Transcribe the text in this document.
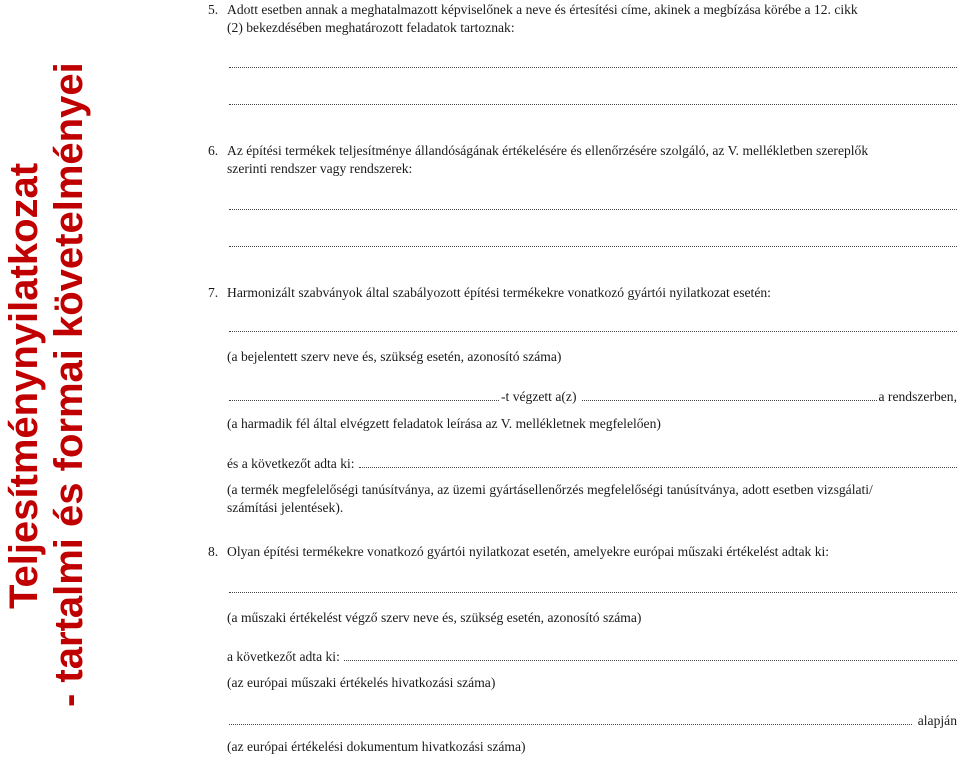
Teljesítménynyilatkozat - tartalmi és formai követelményei
5. Adott esetben annak a meghatalmazott képviselőnek a neve és értesítési címe, akinek a megbízása körébe a 12. cikk
(2) bekezdésében meghatározott feladatok tartoznak:
6. Az építési termékek teljesítménye állandóságának értékelésére és ellenőrzésére szolgáló, az V. mellékletben szereplők
szerinti rendszer vagy rendszerek:
7. Harmonizált szabványok által szabályozott építési termékekre vonatkozó gyártói nyilatkozat esetén:
(a bejelentett szerv neve és, szükség esetén, azonosító száma)
-t végzett a(z)	a rendszerben,
(a harmadik fél által elvégzett feladatok leírása az V. mellékletnek megfelelően)
és a következőt adta ki:
(a termék megfelelőségi tanúsítványa, az üzemi gyártásellenőrzés megfelelőségi tanúsítványa, adott esetben vizsgálati/
számítási jelentések).
8. Olyan építési termékekre vonatkozó gyártói nyilatkozat esetén, amelyekre európai műszaki értékelést adtak ki:
(a műszaki értékelést végző szerv neve és, szükség esetén, azonosító száma)
a következőt adta ki:
(az európai műszaki értékelés hivatkozási száma)
alapján
(az európai értékelési dokumentum hivatkozási száma)
